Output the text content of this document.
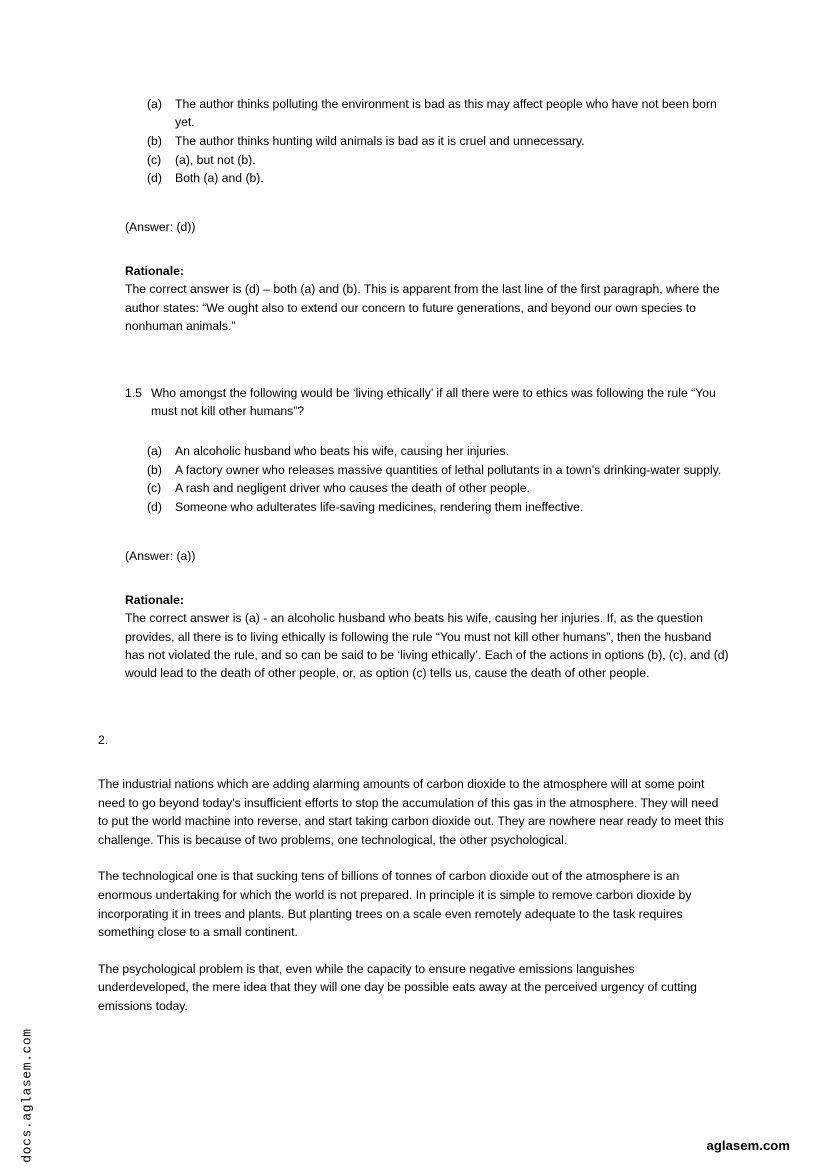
(a)	The author thinks polluting the environment is bad as this may affect people who have not been born yet.
(b)	The author thinks hunting wild animals is bad as it is cruel and unnecessary.
(c)	(a), but not (b).
(d)	Both (a) and (b).
(Answer: (d))
Rationale:
The correct answer is (d) – both (a) and (b). This is apparent from the last line of the first paragraph, where the author states: “We ought also to extend our concern to future generations, and beyond our own species to nonhuman animals.”
1.5 Who amongst the following would be ‘living ethically’ if all there were to ethics was following the rule “You must not kill other humans”?
(a)	An alcoholic husband who beats his wife, causing her injuries.
(b)	A factory owner who releases massive quantities of lethal pollutants in a town’s drinking-water supply.
(c)	A rash and negligent driver who causes the death of other people.
(d)	Someone who adulterates life-saving medicines, rendering them ineffective.
(Answer: (a))
Rationale:
The correct answer is (a) - an alcoholic husband who beats his wife, causing her injuries. If, as the question provides, all there is to living ethically is following the rule “You must not kill other humans”, then the husband has not violated the rule, and so can be said to be ‘living ethically’. Each of the actions in options (b), (c), and (d) would lead to the death of other people, or, as option (c) tells us, cause the death of other people.
2.
The industrial nations which are adding alarming amounts of carbon dioxide to the atmosphere will at some point need to go beyond today’s insufficient efforts to stop the accumulation of this gas in the atmosphere. They will need to put the world machine into reverse, and start taking carbon dioxide out. They are nowhere near ready to meet this challenge. This is because of two problems, one technological, the other psychological.
The technological one is that sucking tens of billions of tonnes of carbon dioxide out of the atmosphere is an enormous undertaking for which the world is not prepared. In principle it is simple to remove carbon dioxide by incorporating it in trees and plants. But planting trees on a scale even remotely adequate to the task requires something close to a small continent.
The psychological problem is that, even while the capacity to ensure negative emissions languishes underdeveloped, the mere idea that they will one day be possible eats away at the perceived urgency of cutting emissions today.
docs.aglasem.com	aglasem.com
